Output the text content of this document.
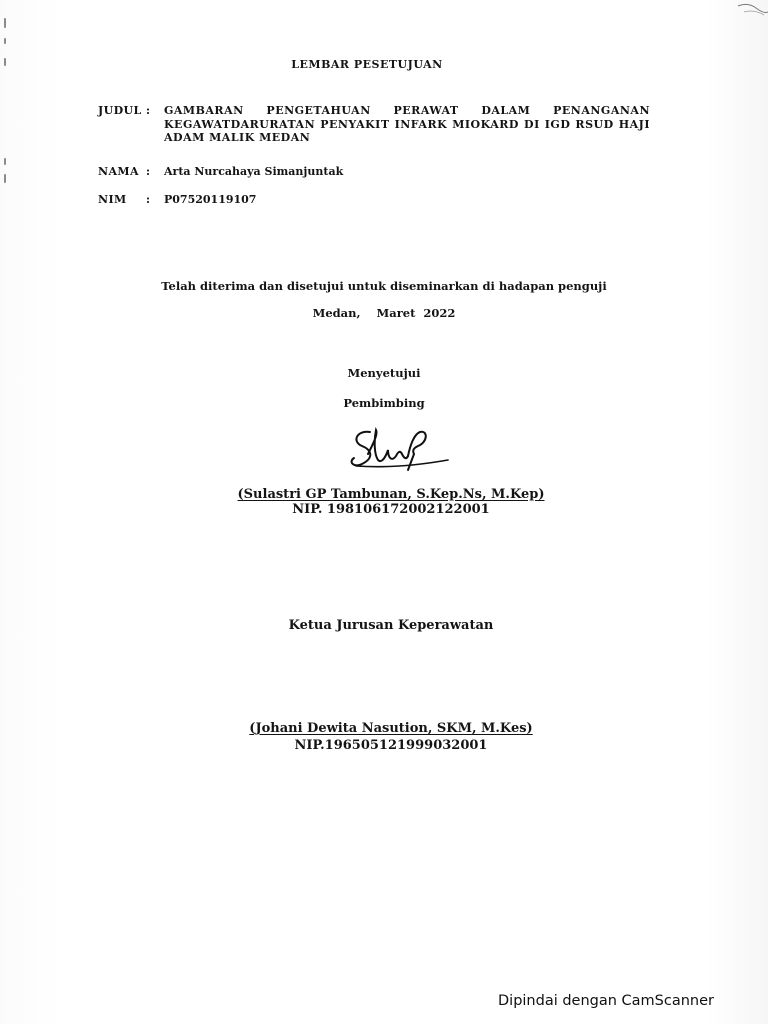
LEMBAR PESETUJUAN
JUDUL :	GAMBARAN PENGETAHUAN PERAWAT DALAM PENANGANAN KEGAWATDARURATAN PENYAKIT INFARK MIOKARD DI IGD RSUD HAJI ADAM MALIK MEDAN
NAMA :	Arta Nurcahaya Simanjuntak
NIM	:	P07520119107
Telah diterima dan disetujui untuk diseminarkan di hadapan penguji
Medan,    Maret  2022
Menyetujui
Pembimbing
(Sulastri GP Tambunan, S.Kep.Ns, M.Kep)
NIP. 198106172002122001
Ketua Jurusan Keperawatan
(Johani Dewita Nasution, SKM, M.Kes)
NIP.196505121999032001
Dipindai dengan CamScanner
